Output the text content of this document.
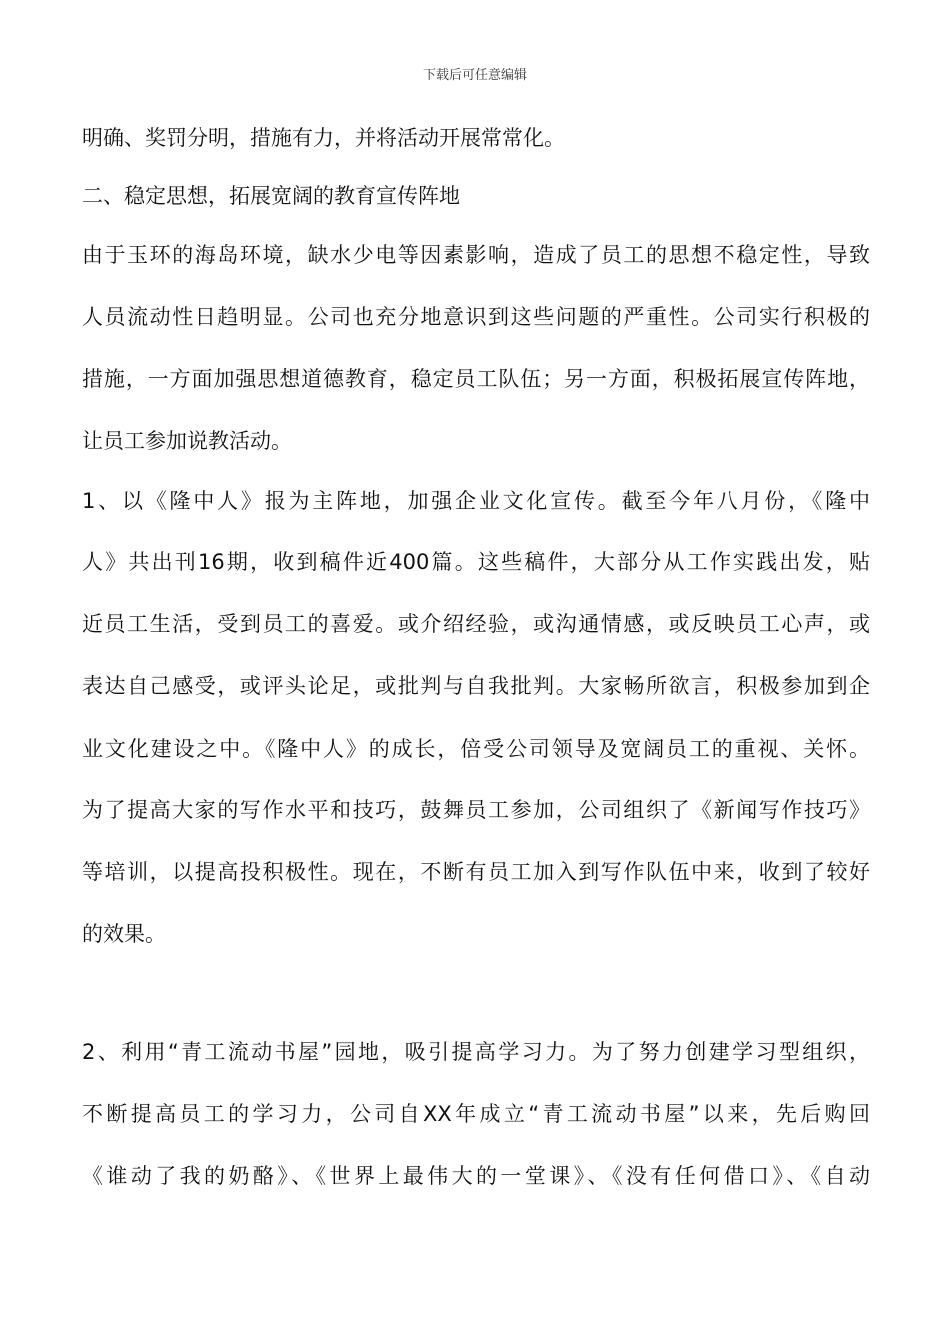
下载后可任意编辑
明确、奖罚分明，措施有力，并将活动开展常常化。
二、稳定思想，拓展宽阔的教育宣传阵地
由于玉环的海岛环境，缺水少电等因素影响，造成了员工的思想不稳定性，导致
人员流动性日趋明显。公司也充分地意识到这些问题的严重性。公司实行积极的
措施，一方面加强思想道德教育，稳定员工队伍；另一方面，积极拓展宣传阵地，
让员工参加说教活动。
1、以《隆中人》报为主阵地，加强企业文化宣传。截至今年八月份，《隆中
人》共出刊16期，收到稿件近400篇。这些稿件，大部分从工作实践出发，贴
近员工生活，受到员工的喜爱。或介绍经验，或沟通情感，或反映员工心声，或
表达自己感受，或评头论足，或批判与自我批判。大家畅所欲言，积极参加到企
业文化建设之中。《隆中人》的成长，倍受公司领导及宽阔员工的重视、关怀。
为了提高大家的写作水平和技巧，鼓舞员工参加，公司组织了《新闻写作技巧》
等培训，以提高投积极性。现在，不断有员工加入到写作队伍中来，收到了较好
的效果。
2、利用“青工流动书屋”园地，吸引提高学习力。为了努力创建学习型组织，
不断提高员工的学习力，公司自XX年成立“青工流动书屋”以来，先后购回
《谁动了我的奶酪》、《世界上最伟大的一堂课》、《没有任何借口》、《自动
